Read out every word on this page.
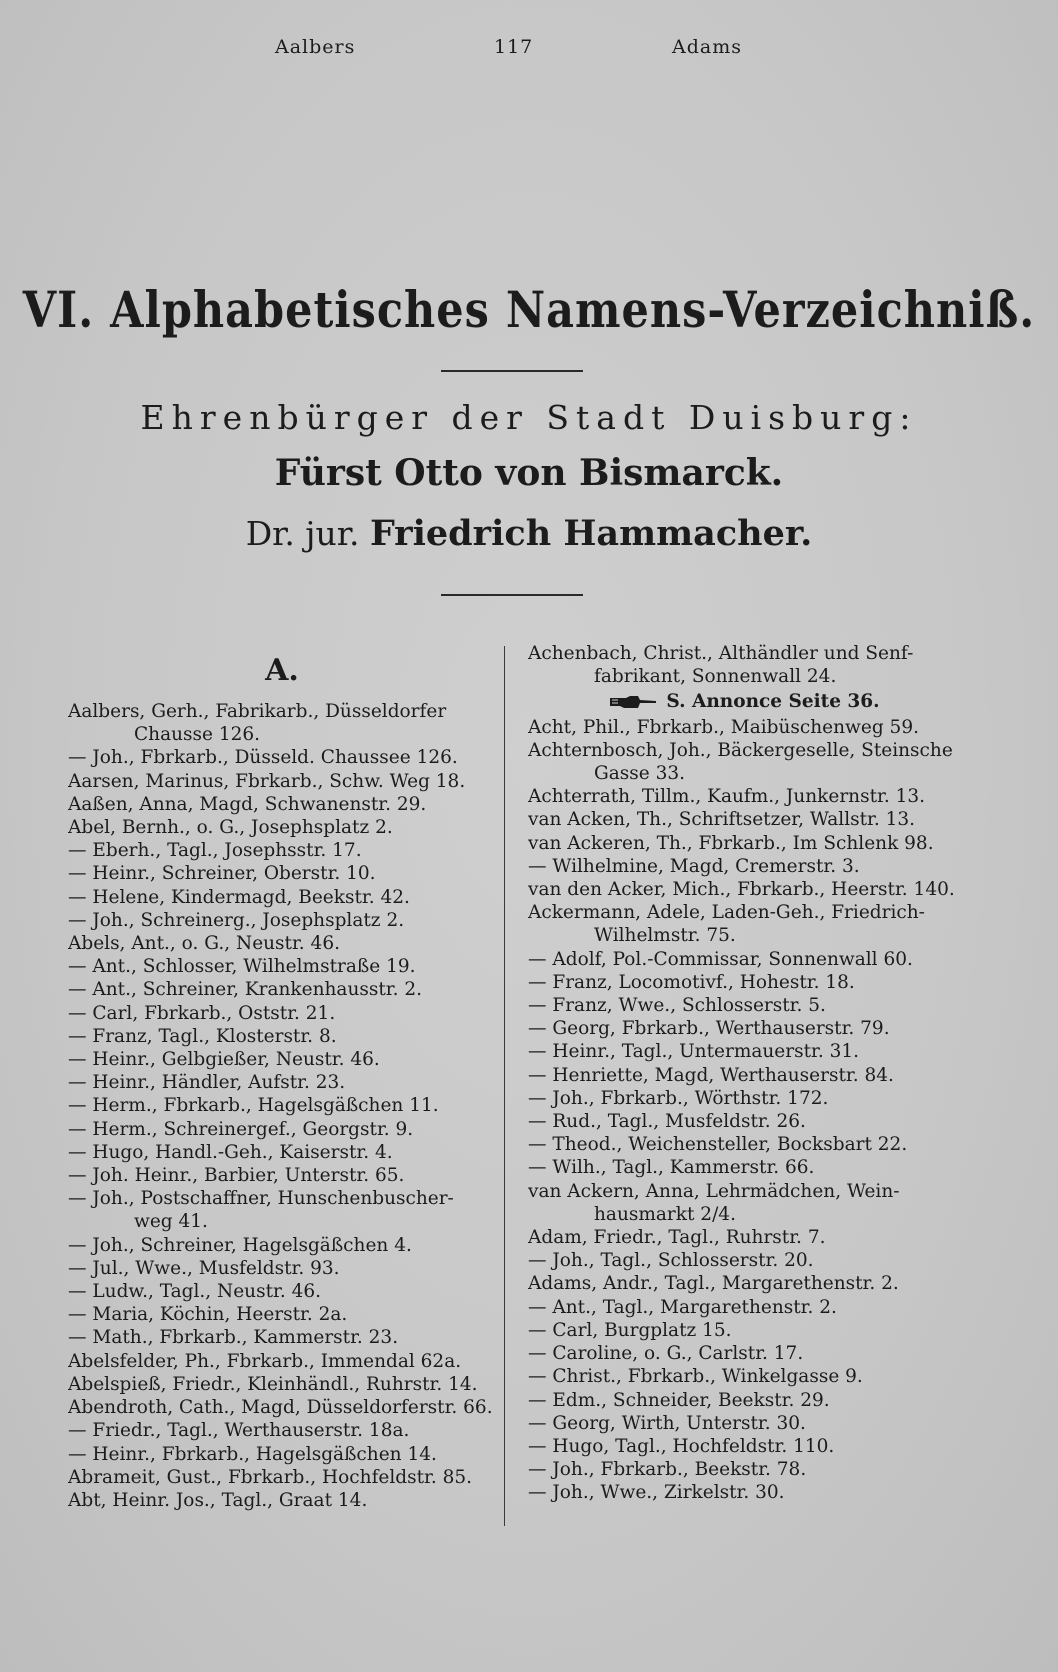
Aalbers	117	Adams
VI. Alphabetisches Namens-Verzeichniß.
Ehrenbürger der Stadt Duisburg:
Fürst Otto von Bismarck.
Dr. jur. Friedrich Hammacher.
A.
Aalbers, Gerh., Fabrikarb., Düsseldorfer
Chausse 126.
— Joh., Fbrkarb., Düsseld. Chaussee 126.
Aarsen, Marinus, Fbrkarb., Schw. Weg 18.
Aaßen, Anna, Magd, Schwanenstr. 29.
Abel, Bernh., o. G., Josephsplatz 2.
— Eberh., Tagl., Josephsstr. 17.
— Heinr., Schreiner, Oberstr. 10.
— Helene, Kindermagd, Beekstr. 42.
— Joh., Schreinerg., Josephsplatz 2.
Abels, Ant., o. G., Neustr. 46.
— Ant., Schlosser, Wilhelmstraße 19.
— Ant., Schreiner, Krankenhausstr. 2.
— Carl, Fbrkarb., Oststr. 21.
— Franz, Tagl., Klosterstr. 8.
— Heinr., Gelbgießer, Neustr. 46.
— Heinr., Händler, Aufstr. 23.
— Herm., Fbrkarb., Hagelsgäßchen 11.
— Herm., Schreinergef., Georgstr. 9.
— Hugo, Handl.-Geh., Kaiserstr. 4.
— Joh. Heinr., Barbier, Unterstr. 65.
— Joh., Postschaffner, Hunschenbuscher-
weg 41.
— Joh., Schreiner, Hagelsgäßchen 4.
— Jul., Wwe., Musfeldstr. 93.
— Ludw., Tagl., Neustr. 46.
— Maria, Köchin, Heerstr. 2a.
— Math., Fbrkarb., Kammerstr. 23.
Abelsfelder, Ph., Fbrkarb., Immendal 62a.
Abelspieß, Friedr., Kleinhändl., Ruhrstr. 14.
Abendroth, Cath., Magd, Düsseldorferstr. 66.
— Friedr., Tagl., Werthauserstr. 18a.
— Heinr., Fbrkarb., Hagelsgäßchen 14.
Abrameit, Gust., Fbrkarb., Hochfeldstr. 85.
Abt, Heinr. Jos., Tagl., Graat 14.
Achenbach, Christ., Althändler und Senf-
fabrikant, Sonnenwall 24.
S. Annonce Seite 36.
Acht, Phil., Fbrkarb., Maibüschenweg 59.
Achternbosch, Joh., Bäckergeselle, Steinsche
Gasse 33.
Achterrath, Tillm., Kaufm., Junkernstr. 13.
van Acken, Th., Schriftsetzer, Wallstr. 13.
van Ackeren, Th., Fbrkarb., Im Schlenk 98.
— Wilhelmine, Magd, Cremerstr. 3.
van den Acker, Mich., Fbrkarb., Heerstr. 140.
Ackermann, Adele, Laden-Geh., Friedrich-
Wilhelmstr. 75.
— Adolf, Pol.-Commissar, Sonnenwall 60.
— Franz, Locomotivf., Hohestr. 18.
— Franz, Wwe., Schlosserstr. 5.
— Georg, Fbrkarb., Werthauserstr. 79.
— Heinr., Tagl., Untermauerstr. 31.
— Henriette, Magd, Werthauserstr. 84.
— Joh., Fbrkarb., Wörthstr. 172.
— Rud., Tagl., Musfeldstr. 26.
— Theod., Weichensteller, Bocksbart 22.
— Wilh., Tagl., Kammerstr. 66.
van Ackern, Anna, Lehrmädchen, Wein-
hausmarkt 2/4.
Adam, Friedr., Tagl., Ruhrstr. 7.
— Joh., Tagl., Schlosserstr. 20.
Adams, Andr., Tagl., Margarethenstr. 2.
— Ant., Tagl., Margarethenstr. 2.
— Carl, Burgplatz 15.
— Caroline, o. G., Carlstr. 17.
— Christ., Fbrkarb., Winkelgasse 9.
— Edm., Schneider, Beekstr. 29.
— Georg, Wirth, Unterstr. 30.
— Hugo, Tagl., Hochfeldstr. 110.
— Joh., Fbrkarb., Beekstr. 78.
— Joh., Wwe., Zirkelstr. 30.
